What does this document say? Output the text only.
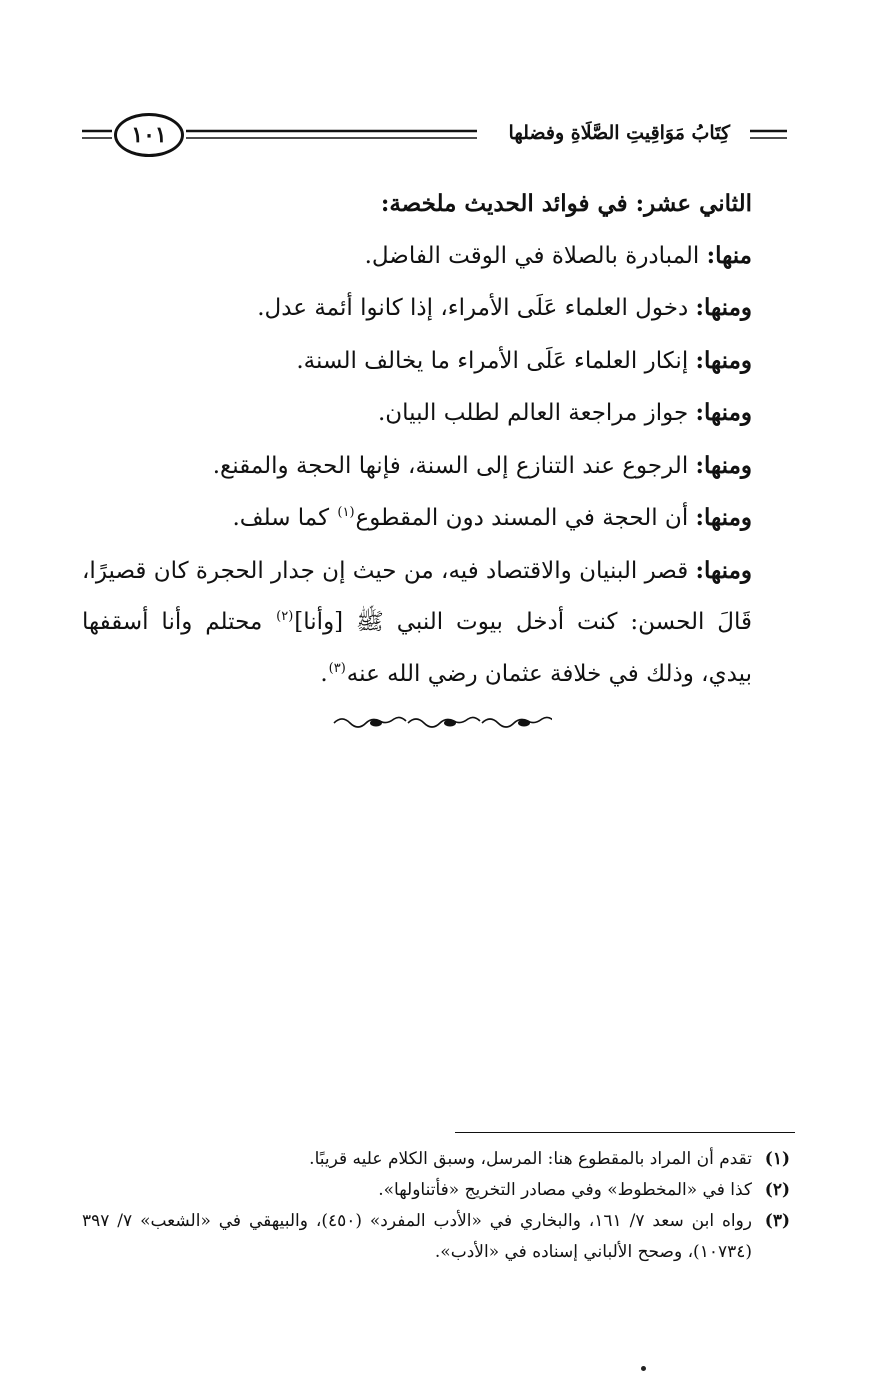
كِتَابُ مَوَاقِيتِ الصَّلَاةِ وفضلها
١٠١

الثاني عشر: في فوائد الحديث ملخصة:

منها: المبادرة بالصلاة في الوقت الفاضل.

ومنها: دخول العلماء عَلَى الأمراء، إذا كانوا أئمة عدل.

ومنها: إنكار العلماء عَلَى الأمراء ما يخالف السنة.

ومنها: جواز مراجعة العالم لطلب البيان.

ومنها: الرجوع عند التنازع إلى السنة، فإنها الحجة والمقنع.

ومنها: أن الحجة في المسند دون المقطوع$^{(١)}$ كما سلف.

ومنها: قصر البنيان والاقتصاد فيه، من حيث إن جدار الحجرة كان قصيرًا، قَالَ الحسن: كنت أدخل بيوت النبي ﷺ [وأنا]$^{(٢)}$ محتلم وأنا أسقفها بيدي، وذلك في خلافة عثمان رضي الله عنه$^{(٣)}$.

(١)
تقدم أن المراد بالمقطوع هنا: المرسل، وسبق الكلام عليه قريبًا.
(٢)
كذا في «المخطوط» وفي مصادر التخريج «فأتناولها».
(٣)
رواه ابن سعد ٧/ ١٦١، والبخاري في «الأدب المفرد» (٤٥٠)، والبيهقي في «الشعب» ٧/ ٣٩٧ (١٠٧٣٤)، وصحح الألباني إسناده في «الأدب».
